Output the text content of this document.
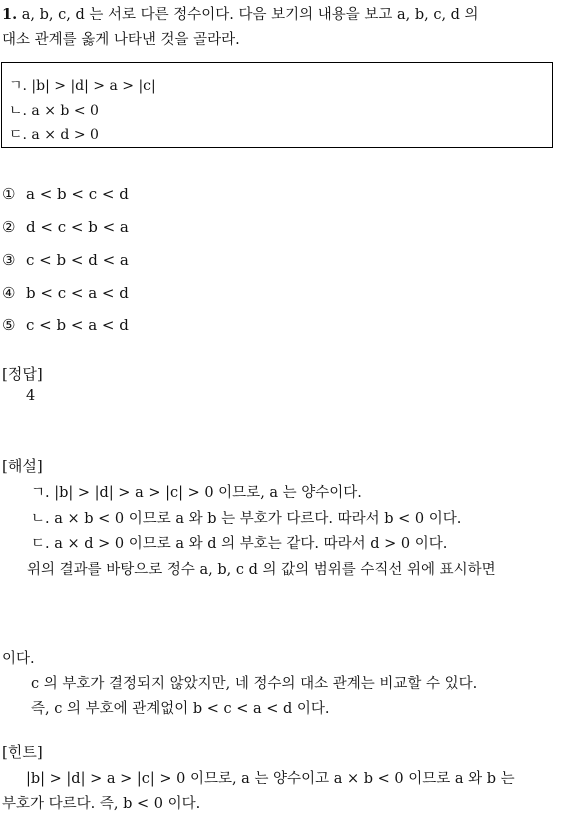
1. a, b, c, d 는 서로 다른 정수이다. 다음 보기의 내용을 보고 a, b, c, d 의
대소 관계를 옳게 나타낸 것을 골라라.
ㄱ. |b| > |d| > a > |c|
ㄴ. a × b < 0
ㄷ. a × d > 0
① a < b < c < d
② d < c < b < a
③ c < b < d < a
④ b < c < a < d
⑤ c < b < a < d
[정답]
4
[해설]
ㄱ. |b| > |d| > a > |c| > 0 이므로, a 는 양수이다.
ㄴ. a × b < 0 이므로 a 와 b 는 부호가 다르다. 따라서 b < 0 이다.
ㄷ. a × d > 0 이므로 a 와 d 의 부호는 같다. 따라서 d > 0 이다.
위의 결과를 바탕으로 정수 a, b, c d 의 값의 범위를 수직선 위에 표시하면
이다.
c 의 부호가 결정되지 않았지만, 네 정수의 대소 관계는 비교할 수 있다.
즉, c 의 부호에 관계없이 b < c < a < d 이다.
[힌트]
|b| > |d| > a > |c| > 0 이므로, a 는 양수이고 a × b < 0 이므로 a 와 b 는
부호가 다르다. 즉, b < 0 이다.
